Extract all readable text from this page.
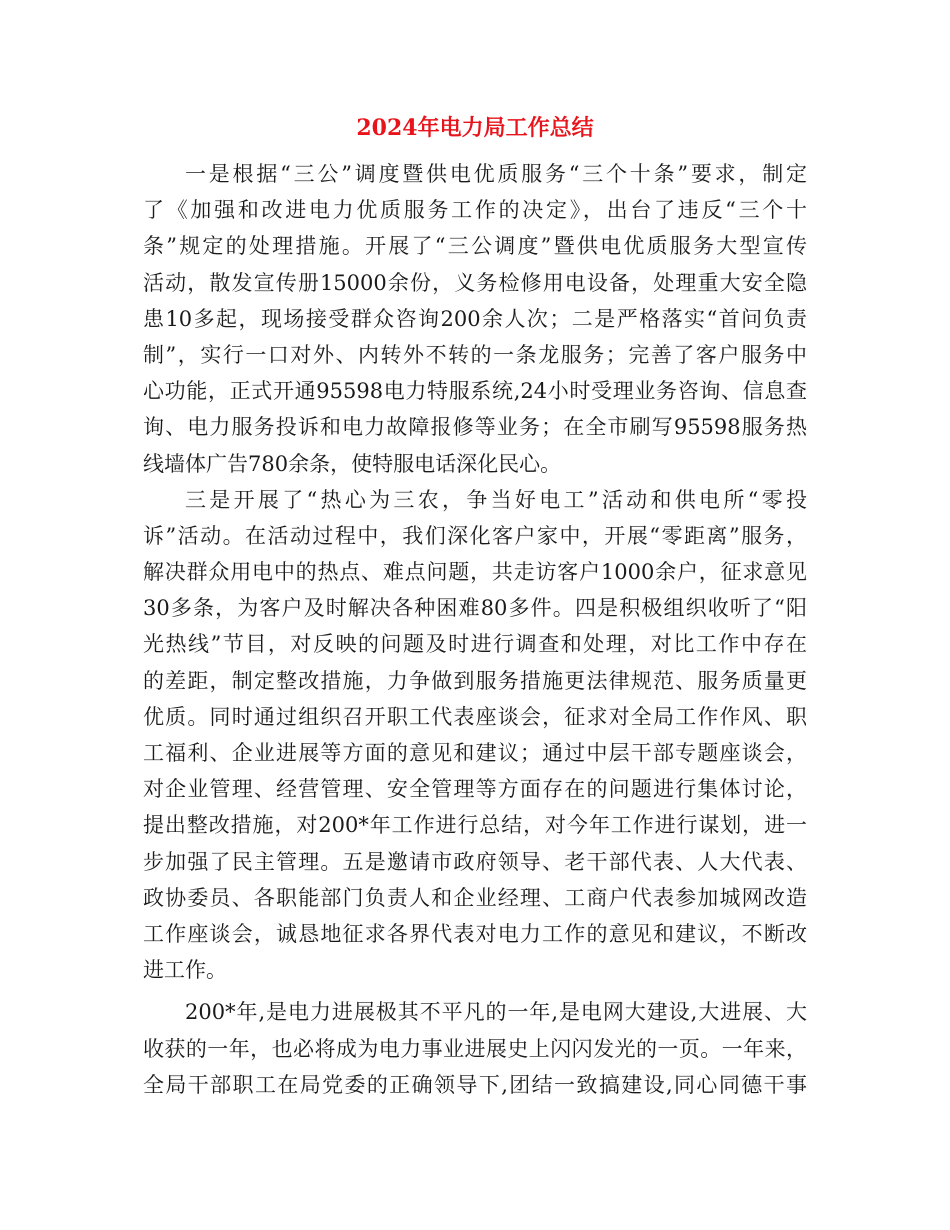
2024年电力局工作总结
一是根据“三公”调度暨供电优质服务“三个十条”要求，制定
了《加强和改进电力优质服务工作的决定》，出台了违反“三个十
条”规定的处理措施。开展了“三公调度”暨供电优质服务大型宣传
活动，散发宣传册15000余份，义务检修用电设备，处理重大安全隐
患10多起，现场接受群众咨询200余人次；二是严格落实“首问负责
制”，实行一口对外、内转外不转的一条龙服务；完善了客户服务中
心功能，正式开通95598电力特服系统,24小时受理业务咨询、信息查
询、电力服务投诉和电力故障报修等业务；在全市刷写95598服务热
线墙体广告780余条，使特服电话深化民心。
三是开展了“热心为三农，争当好电工”活动和供电所“零投
诉”活动。在活动过程中，我们深化客户家中，开展“零距离”服务，
解决群众用电中的热点、难点问题，共走访客户1000余户，征求意见
30多条，为客户及时解决各种困难80多件。四是积极组织收听了“阳
光热线”节目，对反映的问题及时进行调查和处理，对比工作中存在
的差距，制定整改措施，力争做到服务措施更法律规范、服务质量更
优质。同时通过组织召开职工代表座谈会，征求对全局工作作风、职
工福利、企业进展等方面的意见和建议；通过中层干部专题座谈会，
对企业管理、经营管理、安全管理等方面存在的问题进行集体讨论，
提出整改措施，对200*年工作进行总结，对今年工作进行谋划，进一
步加强了民主管理。五是邀请市政府领导、老干部代表、人大代表、
政协委员、各职能部门负责人和企业经理、工商户代表参加城网改造
工作座谈会，诚恳地征求各界代表对电力工作的意见和建议，不断改
进工作。
200*年,是电力进展极其不平凡的一年,是电网大建设,大进展、大
收获的一年，也必将成为电力事业进展史上闪闪发光的一页。一年来，
全局干部职工在局党委的正确领导下,团结一致搞建设,同心同德干事
